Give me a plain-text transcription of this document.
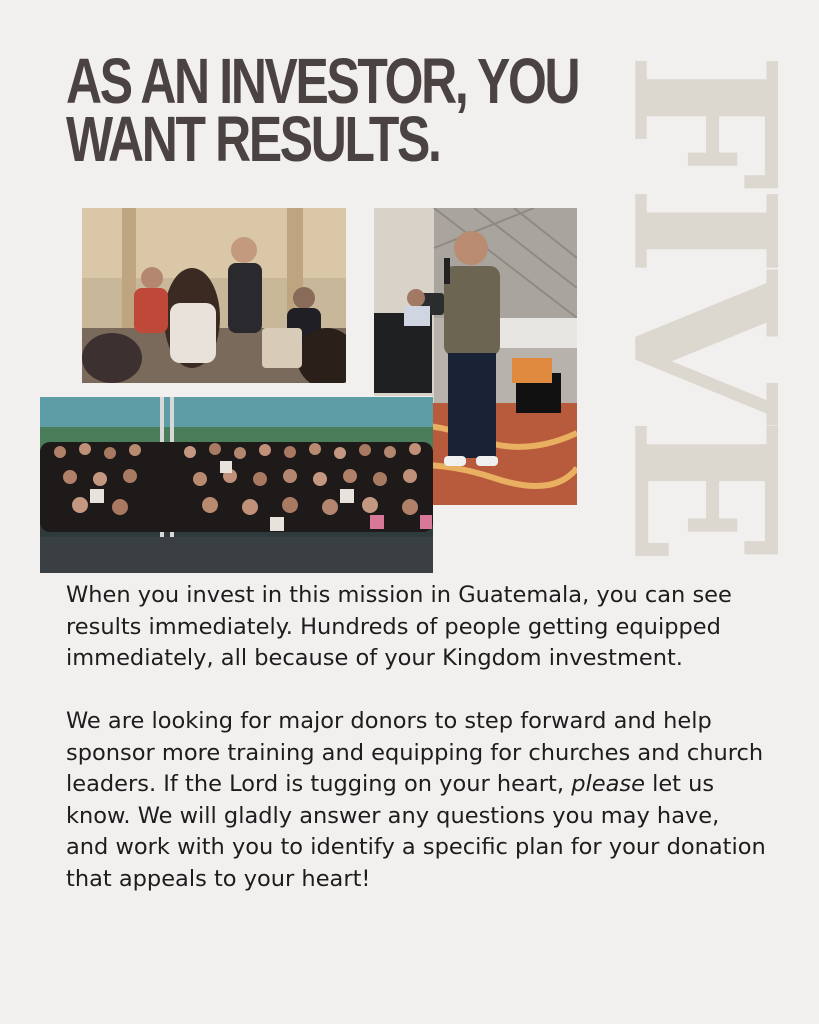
AS AN INVESTOR, YOU
WANT RESULTS. FIVE

When you invest in this mission in Guatemala, you can see results immediately. Hundreds of people getting equipped immediately, all because of your Kingdom investment.

We are looking for major donors to step forward and help sponsor more training and equipping for churches and church leaders. If the Lord is tugging on your heart, please let us know. We will gladly answer any questions you may have, and work with you to identify a specific plan for your donation that appeals to your heart!
